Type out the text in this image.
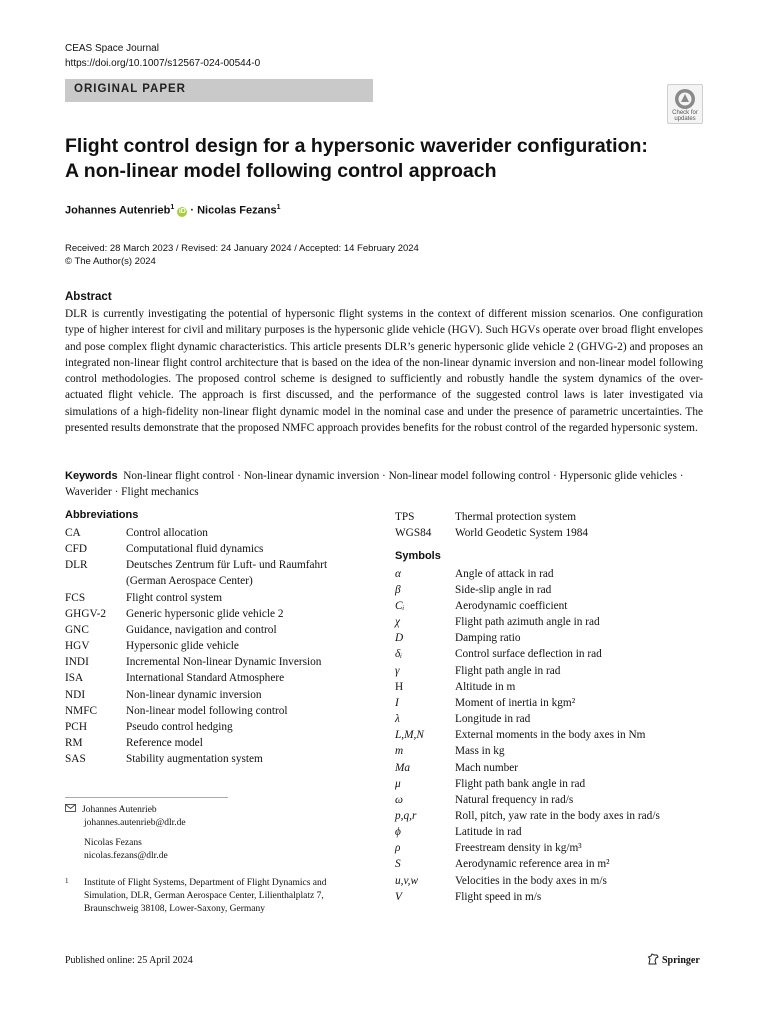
CEAS Space Journal
https://doi.org/10.1007/s12567-024-00544-0
ORIGINAL PAPER
Check for
updates
Flight control design for a hypersonic waverider configuration:
A non-linear model following control approach
Johannes Autenrieb$^1$ iD · Nicolas Fezans$^1$
Received: 28 March 2023 / Revised: 24 January 2024 / Accepted: 14 February 2024
© The Author(s) 2024
Abstract
DLR is currently investigating the potential of hypersonic flight systems in the context of different mission scenarios. One configuration type of higher interest for civil and military purposes is the hypersonic glide vehicle (HGV). Such HGVs operate over broad flight envelopes and pose complex flight dynamic characteristics. This article presents DLR’s generic hypersonic glide vehicle 2 (GHVG-2) and proposes an integrated non-linear flight control architecture that is based on the idea of the non-linear dynamic inversion and non-linear model following control methodologies. The proposed control scheme is designed to sufficiently and robustly handle the system dynamics of the over-actuated flight vehicle. The approach is first discussed, and the performance of the suggested control laws is later investigated via simulations of a high-fidelity non-linear flight dynamic model in the nominal case and under the presence of parametric uncertainties. The presented results demonstrate that the proposed NMFC approach provides benefits for the robust control of the regarded hypersonic system.
Keywords Non-linear flight control · Non-linear dynamic inversion · Non-linear model following control · Hypersonic glide vehicles · Waverider · Flight mechanics
Abbreviations
CA	Control allocation
CFD	Computational fluid dynamics
DLR	Deutsches Zentrum für Luft- und Raumfahrt
(German Aerospace Center)
FCS	Flight control system
GHGV-2 Generic hypersonic glide vehicle 2
GNC	Guidance, navigation and control
HGV	Hypersonic glide vehicle
INDI	Incremental Non-linear Dynamic Inversion
ISA	International Standard Atmosphere
NDI	Non-linear dynamic inversion
NMFC	Non-linear model following control
PCH	Pseudo control hedging
RM	Reference model
SAS	Stability augmentation system
TPS	Thermal protection system
WGS84 World Geodetic System 1984
Symbols
α	Angle of attack in rad
β	Side-slip angle in rad
Cᵢ	Aerodynamic coefficient
χ	Flight path azimuth angle in rad
D	Damping ratio
δᵢ	Control surface deflection in rad
γ	Flight path angle in rad
H	Altitude in m
I	Moment of inertia in kgm²
λ	Longitude in rad
L,M,N	External moments in the body axes in Nm
m	Mass in kg
Ma	Mach number
μ	Flight path bank angle in rad
ω	Natural frequency in rad/s
p,q,r	Roll, pitch, yaw rate in the body axes in rad/s
ϕ	Latitude in rad
ρ	Freestream density in kg/m³
S	Aerodynamic reference area in m²
u,v,w	Velocities in the body axes in m/s
V	Flight speed in m/s
Johannes Autenrieb
johannes.autenrieb@dlr.de
Nicolas Fezans
nicolas.fezans@dlr.de
1 Institute of Flight Systems, Department of Flight Dynamics and Simulation, DLR, German Aerospace Center, Lilienthalplatz 7, Braunschweig 38108, Lower-Saxony, Germany
Published online: 25 April 2024	Springer
